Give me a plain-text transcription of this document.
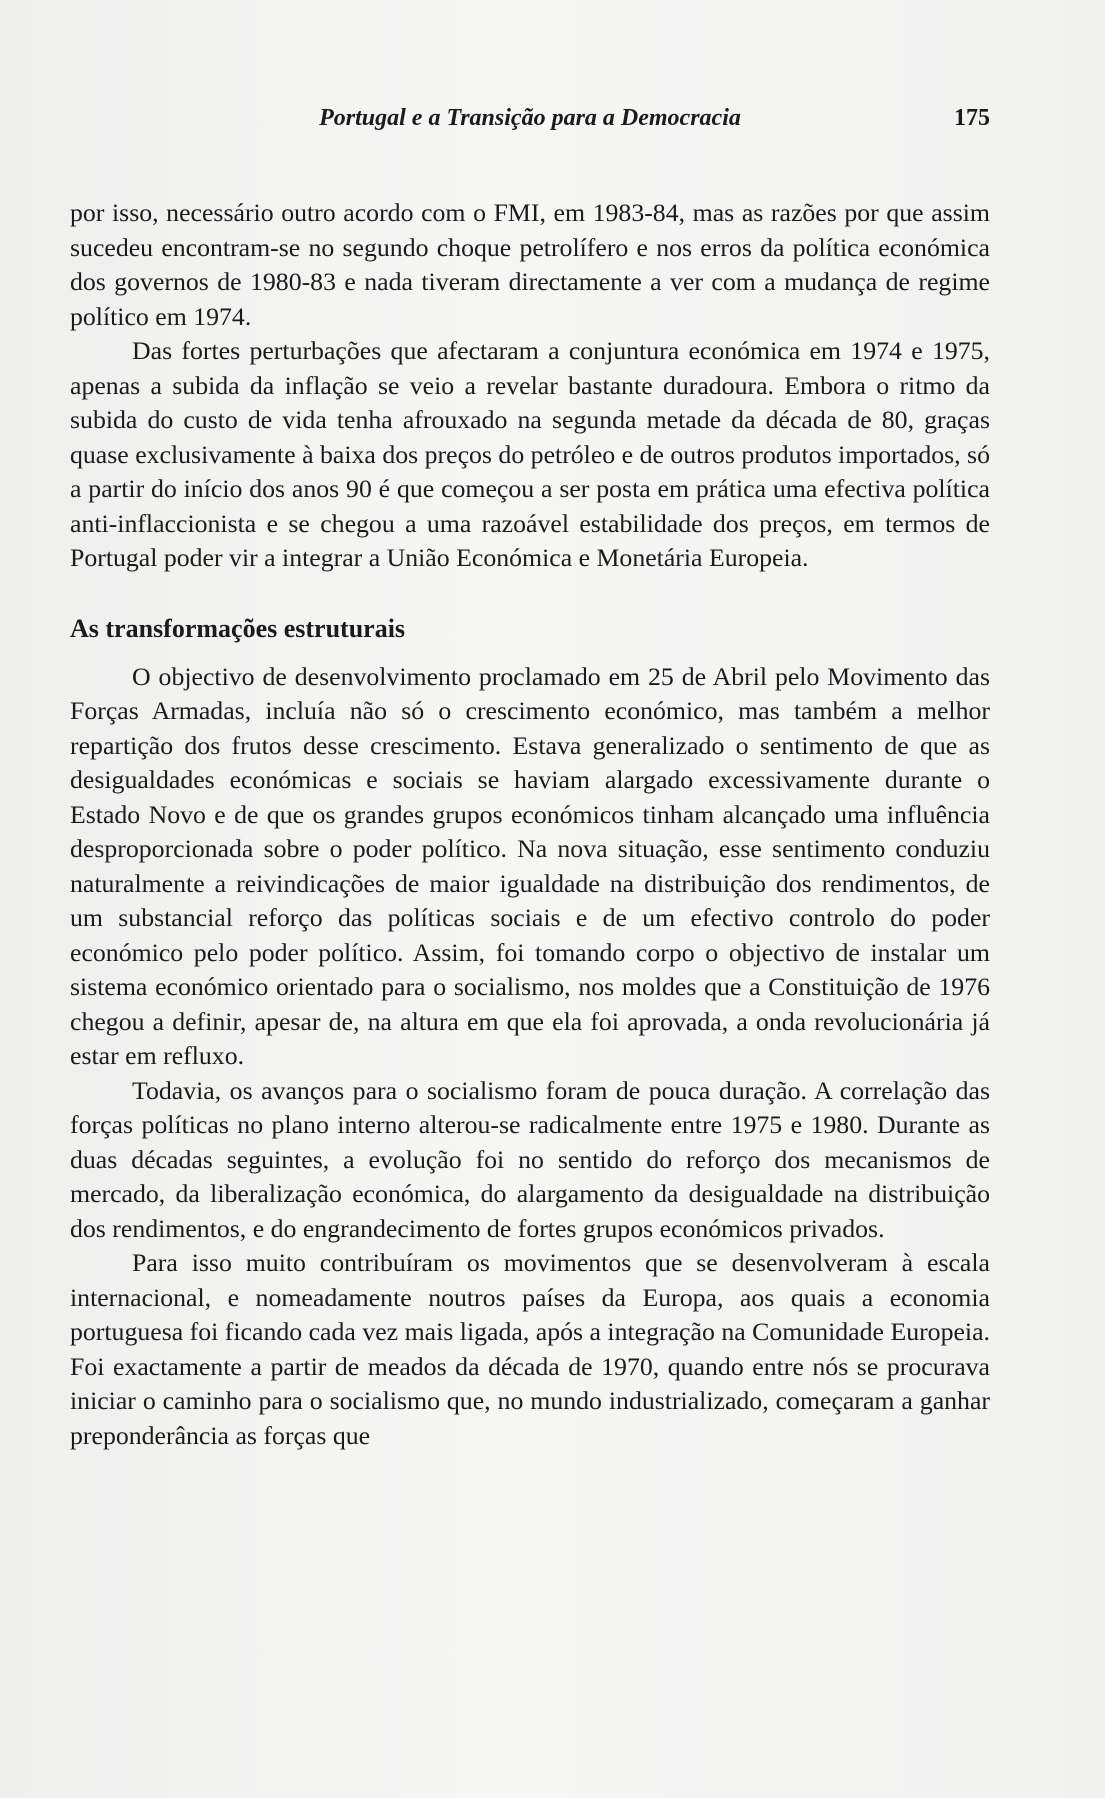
Portugal e a Transição para a Democracia	175

por isso, necessário outro acordo com o FMI, em 1983-84, mas as razões por que assim sucedeu encontram-se no segundo choque petrolífero e nos erros da política económica dos governos de 1980-83 e nada tiveram directamente a ver com a mudança de regime político em 1974.

Das fortes perturbações que afectaram a conjuntura económica em 1974 e 1975, apenas a subida da inflação se veio a revelar bastante duradoura. Embora o ritmo da subida do custo de vida tenha afrouxado na segunda metade da década de 80, graças quase exclusivamente à baixa dos preços do petróleo e de outros produtos importados, só a partir do início dos anos 90 é que começou a ser posta em prática uma efectiva política anti-inflaccionista e se chegou a uma razoável estabilidade dos preços, em termos de Portugal poder vir a integrar a União Económica e Monetária Europeia.

As transformações estruturais

O objectivo de desenvolvimento proclamado em 25 de Abril pelo Movimento das Forças Armadas, incluía não só o crescimento económico, mas também a melhor repartição dos frutos desse crescimento. Estava generalizado o sentimento de que as desigualdades económicas e sociais se haviam alargado excessivamente durante o Estado Novo e de que os grandes grupos económicos tinham alcançado uma influência desproporcionada sobre o poder político. Na nova situação, esse sentimento conduziu naturalmente a reivindicações de maior igualdade na distribuição dos rendimentos, de um substancial reforço das políticas sociais e de um efectivo controlo do poder económico pelo poder político. Assim, foi tomando corpo o objectivo de instalar um sistema económico orientado para o socialismo, nos moldes que a Constituição de 1976 chegou a definir, apesar de, na altura em que ela foi aprovada, a onda revolucionária já estar em refluxo.

Todavia, os avanços para o socialismo foram de pouca duração. A correlação das forças políticas no plano interno alterou-se radicalmente entre 1975 e 1980. Durante as duas décadas seguintes, a evolução foi no sentido do reforço dos mecanismos de mercado, da liberalização económica, do alargamento da desigualdade na distribuição dos rendimentos, e do engrandecimento de fortes grupos económicos privados.

Para isso muito contribuíram os movimentos que se desenvolveram à escala internacional, e nomeadamente noutros países da Europa, aos quais a economia portuguesa foi ficando cada vez mais ligada, após a integração na Comunidade Europeia. Foi exactamente a partir de meados da década de 1970, quando entre nós se procurava iniciar o caminho para o socialismo que, no mundo industrializado, começaram a ganhar preponderância as forças que
